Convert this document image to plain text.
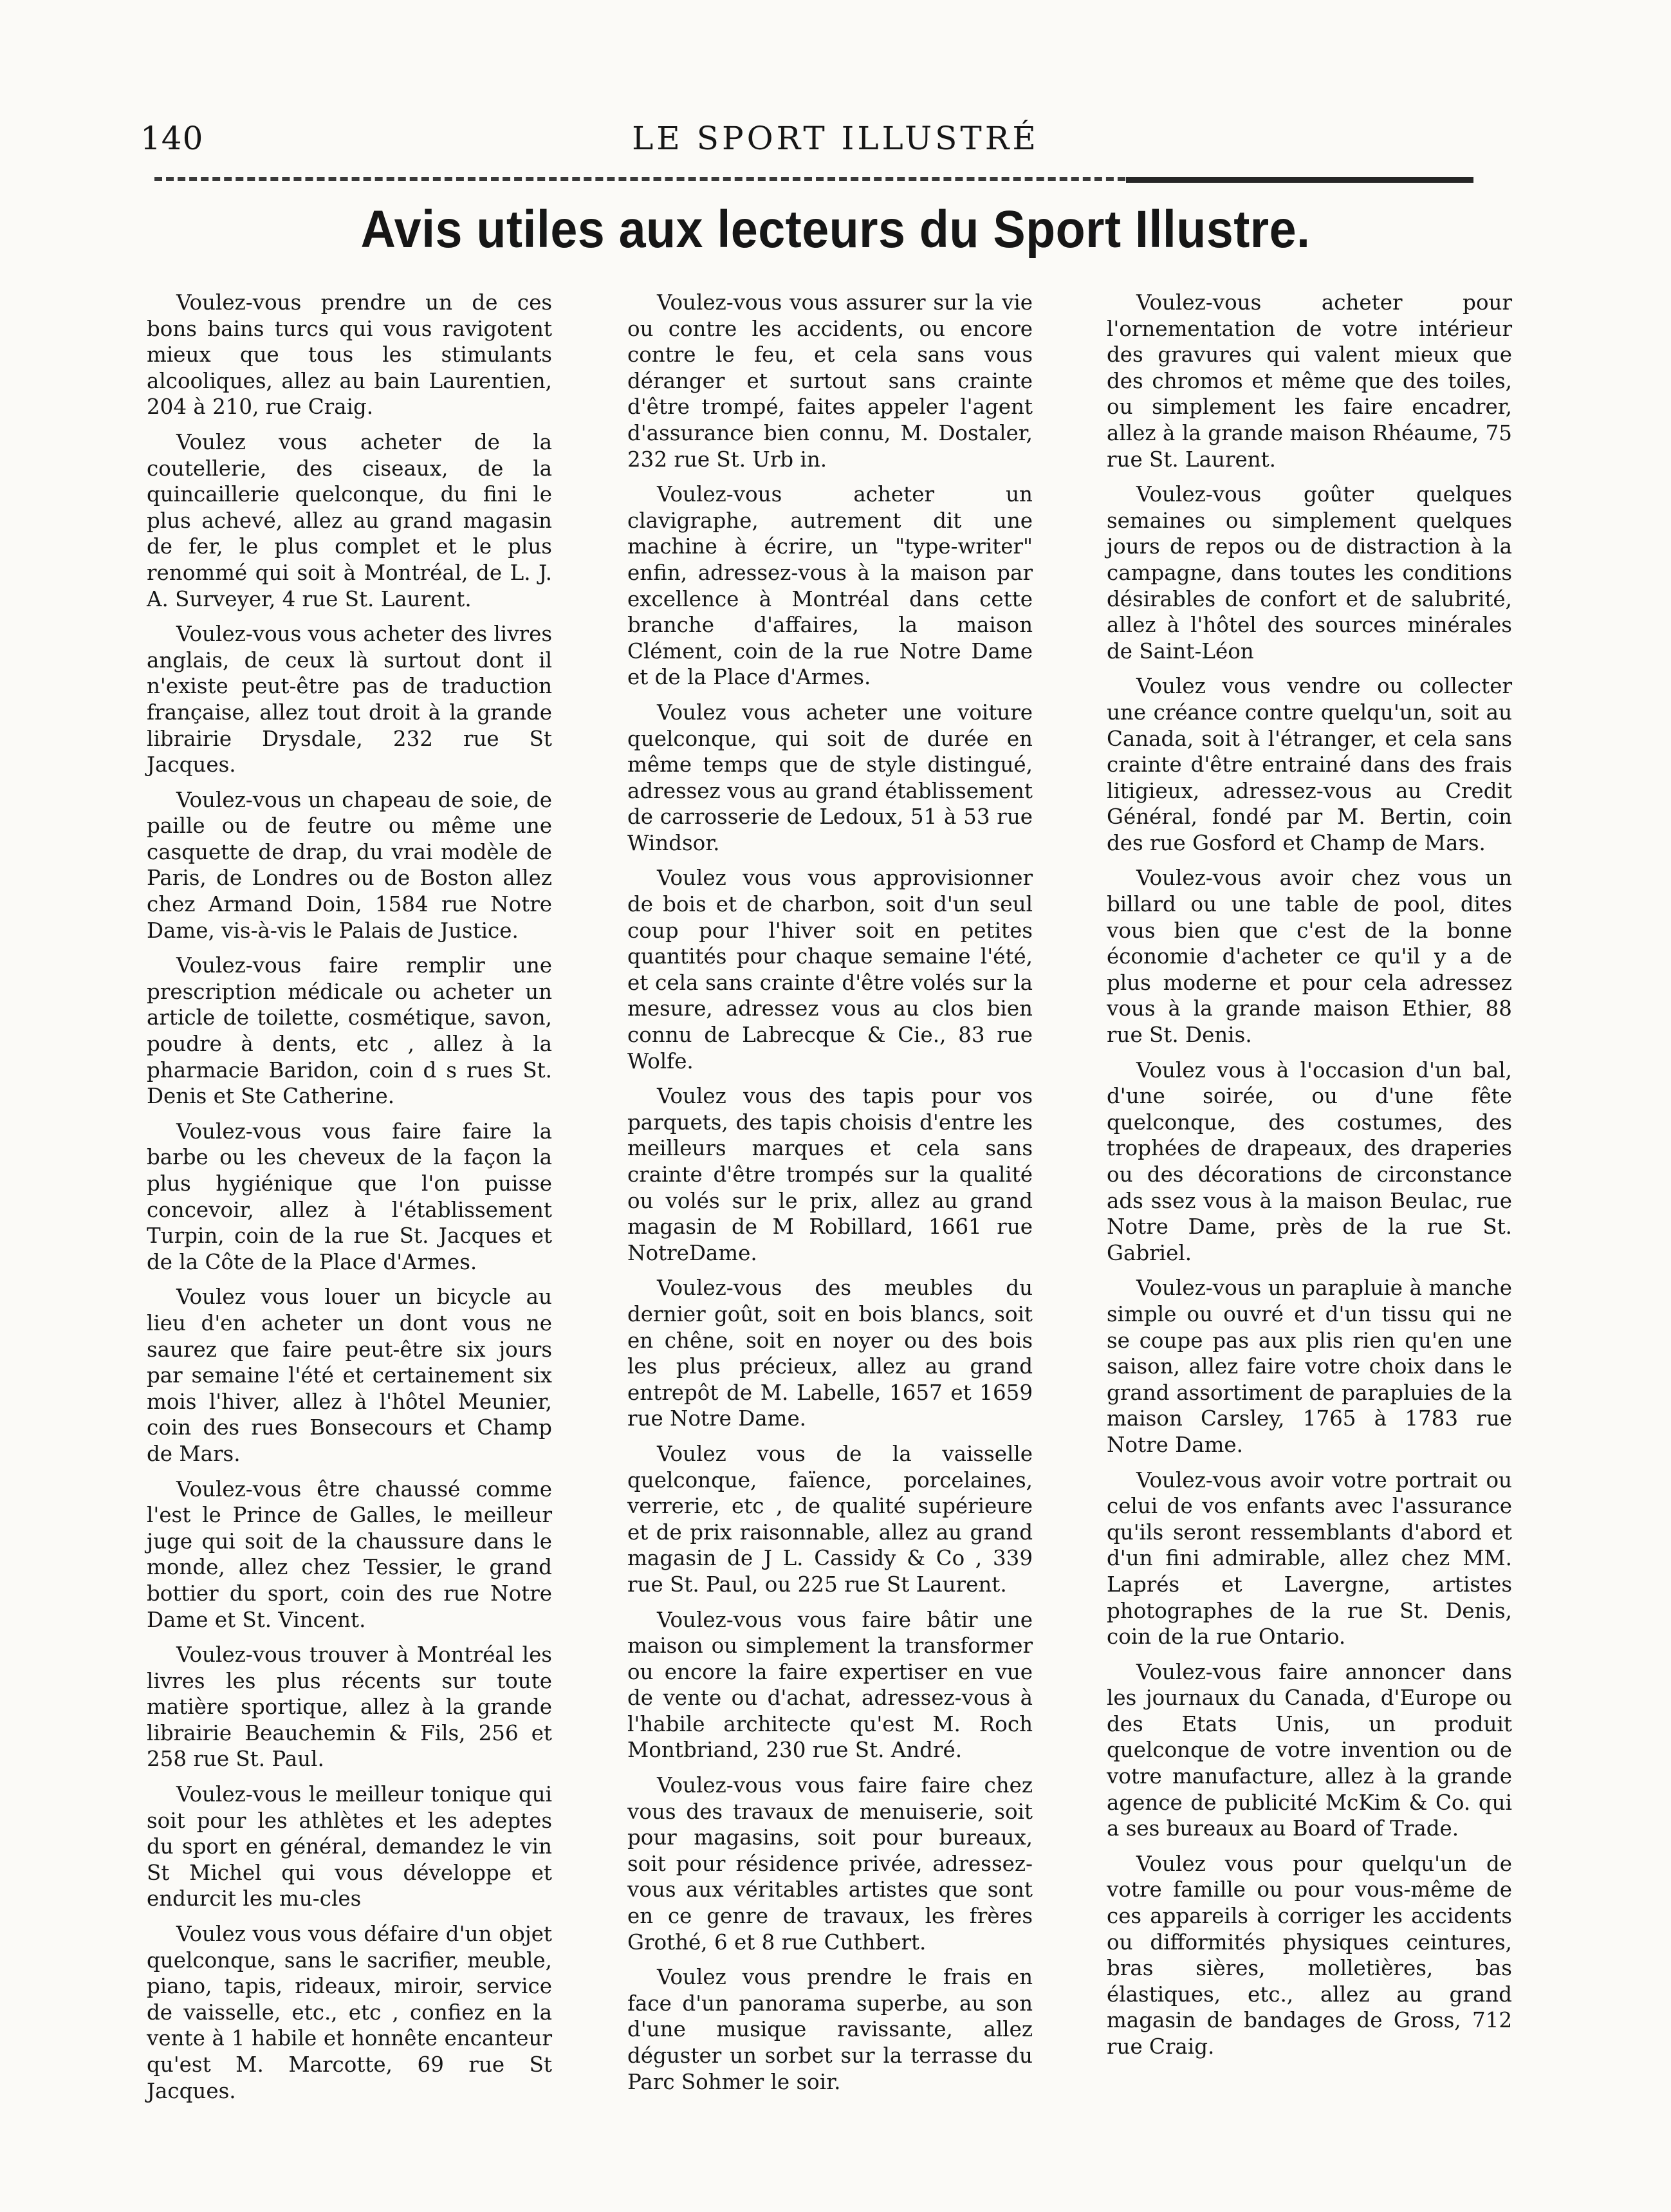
140	LE SPORT ILLUSTRÉ
Avis utiles aux lecteurs du Sport Illustre.

Voulez-vous prendre un de ces bons bains turcs qui vous ravigotent mieux que tous les stimulants alcooliques, allez au bain Laurentien, 204 à 210, rue Craig.

Voulez vous acheter de la coutellerie, des ciseaux, de la quincaillerie quelconque, du fini le plus achevé, allez au grand magasin de fer, le plus complet et le plus renommé qui soit à Montréal, de L. J. A. Surveyer, 4 rue St. Laurent.

Voulez-vous vous acheter des livres anglais, de ceux là surtout dont il n'existe peut-être pas de traduction française, allez tout droit à la grande librairie Drysdale, 232 rue St Jacques.

Voulez-vous un chapeau de soie, de paille ou de feutre ou même une casquette de drap, du vrai modèle de Paris, de Londres ou de Boston allez chez Armand Doin, 1584 rue Notre Dame, vis-à-vis le Palais de Justice.

Voulez-vous faire remplir une prescription médicale ou acheter un article de toilette, cosmétique, savon, poudre à dents, etc , allez à la pharmacie Baridon, coin d s rues St. Denis et Ste Catherine.

Voulez-vous vous faire faire la barbe ou les cheveux de la façon la plus hygiénique que l'on puisse concevoir, allez à l'établissement Turpin, coin de la rue St. Jacques et de la Côte de la Place d'Armes.

Voulez vous louer un bicycle au lieu d'en acheter un dont vous ne saurez que faire peut-être six jours par semaine l'été et certainement six mois l'hiver, allez à l'hôtel Meunier, coin des rues Bonsecours et Champ de Mars.

Voulez-vous être chaussé comme l'est le Prince de Galles, le meilleur juge qui soit de la chaussure dans le monde, allez chez Tessier, le grand bottier du sport, coin des rue Notre Dame et St. Vincent.

Voulez-vous trouver à Montréal les livres les plus récents sur toute matière sportique, allez à la grande librairie Beauchemin & Fils, 256 et 258 rue St. Paul.

Voulez-vous le meilleur tonique qui soit pour les athlètes et les adeptes du sport en général, demandez le vin St Michel qui vous développe et endurcit les mu-cles

Voulez vous vous défaire d'un objet quelconque, sans le sacrifier, meuble, piano, tapis, rideaux, miroir, service de vaisselle, etc., etc , confiez en la vente à 1 habile et honnête encanteur qu'est M. Marcotte, 69 rue St Jacques.

Voulez-vous vous assurer sur la vie ou contre les accidents, ou encore contre le feu, et cela sans vous déranger et surtout sans crainte d'être trompé, faites appeler l'agent d'assurance bien connu, M. Dostaler, 232 rue St. Urb in.

Voulez-vous acheter un clavigraphe, autrement dit une machine à écrire, un "type-writer" enfin, adressez-vous à la maison par excellence à Montréal dans cette branche d'affaires, la maison Clément, coin de la rue Notre Dame et de la Place d'Armes.

Voulez vous acheter une voiture quelconque, qui soit de durée en même temps que de style distingué, adressez vous au grand établissement de carrosserie de Ledoux, 51 à 53 rue Windsor.

Voulez vous vous approvisionner de bois et de charbon, soit d'un seul coup pour l'hiver soit en petites quantités pour chaque semaine l'été, et cela sans crainte d'être volés sur la mesure, adressez vous au clos bien connu de Labrecque & Cie., 83 rue Wolfe.

Voulez vous des tapis pour vos parquets, des tapis choisis d'entre les meilleurs marques et cela sans crainte d'être trompés sur la qualité ou volés sur le prix, allez au grand magasin de M Robillard, 1661 rue NotreDame.

Voulez-vous des meubles du dernier goût, soit en bois blancs, soit en chêne, soit en noyer ou des bois les plus précieux, allez au grand entrepôt de M. Labelle, 1657 et 1659 rue Notre Dame.

Voulez vous de la vaisselle quelconque, faïence, porcelaines, verrerie, etc , de qualité supérieure et de prix raisonnable, allez au grand magasin de J L. Cassidy & Co , 339 rue St. Paul, ou 225 rue St Laurent.

Voulez-vous vous faire bâtir une maison ou simplement la transformer ou encore la faire expertiser en vue de vente ou d'achat, adressez-vous à l'habile architecte qu'est M. Roch Montbriand, 230 rue St. André.

Voulez-vous vous faire faire chez vous des travaux de menuiserie, soit pour magasins, soit pour bureaux, soit pour résidence privée, adressez-vous aux véritables artistes que sont en ce genre de travaux, les frères Grothé, 6 et 8 rue Cuthbert.

Voulez vous prendre le frais en face d'un panorama superbe, au son d'une musique ravissante, allez déguster un sorbet sur la terrasse du Parc Sohmer le soir.

Voulez-vous acheter pour l'ornementation de votre intérieur des gravures qui valent mieux que des chromos et même que des toiles, ou simplement les faire encadrer, allez à la grande maison Rhéaume, 75 rue St. Laurent.

Voulez-vous goûter quelques semaines ou simplement quelques jours de repos ou de distraction à la campagne, dans toutes les conditions désirables de confort et de salubrité, allez à l'hôtel des sources minérales de Saint-Léon

Voulez vous vendre ou collecter une créance contre quelqu'un, soit au Canada, soit à l'étranger, et cela sans crainte d'être entrainé dans des frais litigieux, adressez-vous au Credit Général, fondé par M. Bertin, coin des rue Gosford et Champ de Mars.

Voulez-vous avoir chez vous un billard ou une table de pool, dites vous bien que c'est de la bonne économie d'acheter ce qu'il y a de plus moderne et pour cela adressez vous à la grande maison Ethier, 88 rue St. Denis.

Voulez vous à l'occasion d'un bal, d'une soirée, ou d'une fête quelconque, des costumes, des trophées de drapeaux, des draperies ou des décorations de circonstance ads ssez vous à la maison Beulac, rue Notre Dame, près de la rue St. Gabriel.

Voulez-vous un parapluie à manche simple ou ouvré et d'un tissu qui ne se coupe pas aux plis rien qu'en une saison, allez faire votre choix dans le grand assortiment de parapluies de la maison Carsley, 1765 à 1783 rue Notre Dame.

Voulez-vous avoir votre portrait ou celui de vos enfants avec l'assurance qu'ils seront ressemblants d'abord et d'un fini admirable, allez chez MM. Laprés et Lavergne, artistes photographes de la rue St. Denis, coin de la rue Ontario.

Voulez-vous faire annoncer dans les journaux du Canada, d'Europe ou des Etats Unis, un produit quelconque de votre invention ou de votre manufacture, allez à la grande agence de publicité McKim & Co. qui a ses bureaux au Board of Trade.

Voulez vous pour quelqu'un de votre famille ou pour vous-même de ces appareils à corriger les accidents ou difformités physiques ceintures, bras sières, molletières, bas élastiques, etc., allez au grand magasin de bandages de Gross, 712 rue Craig.
